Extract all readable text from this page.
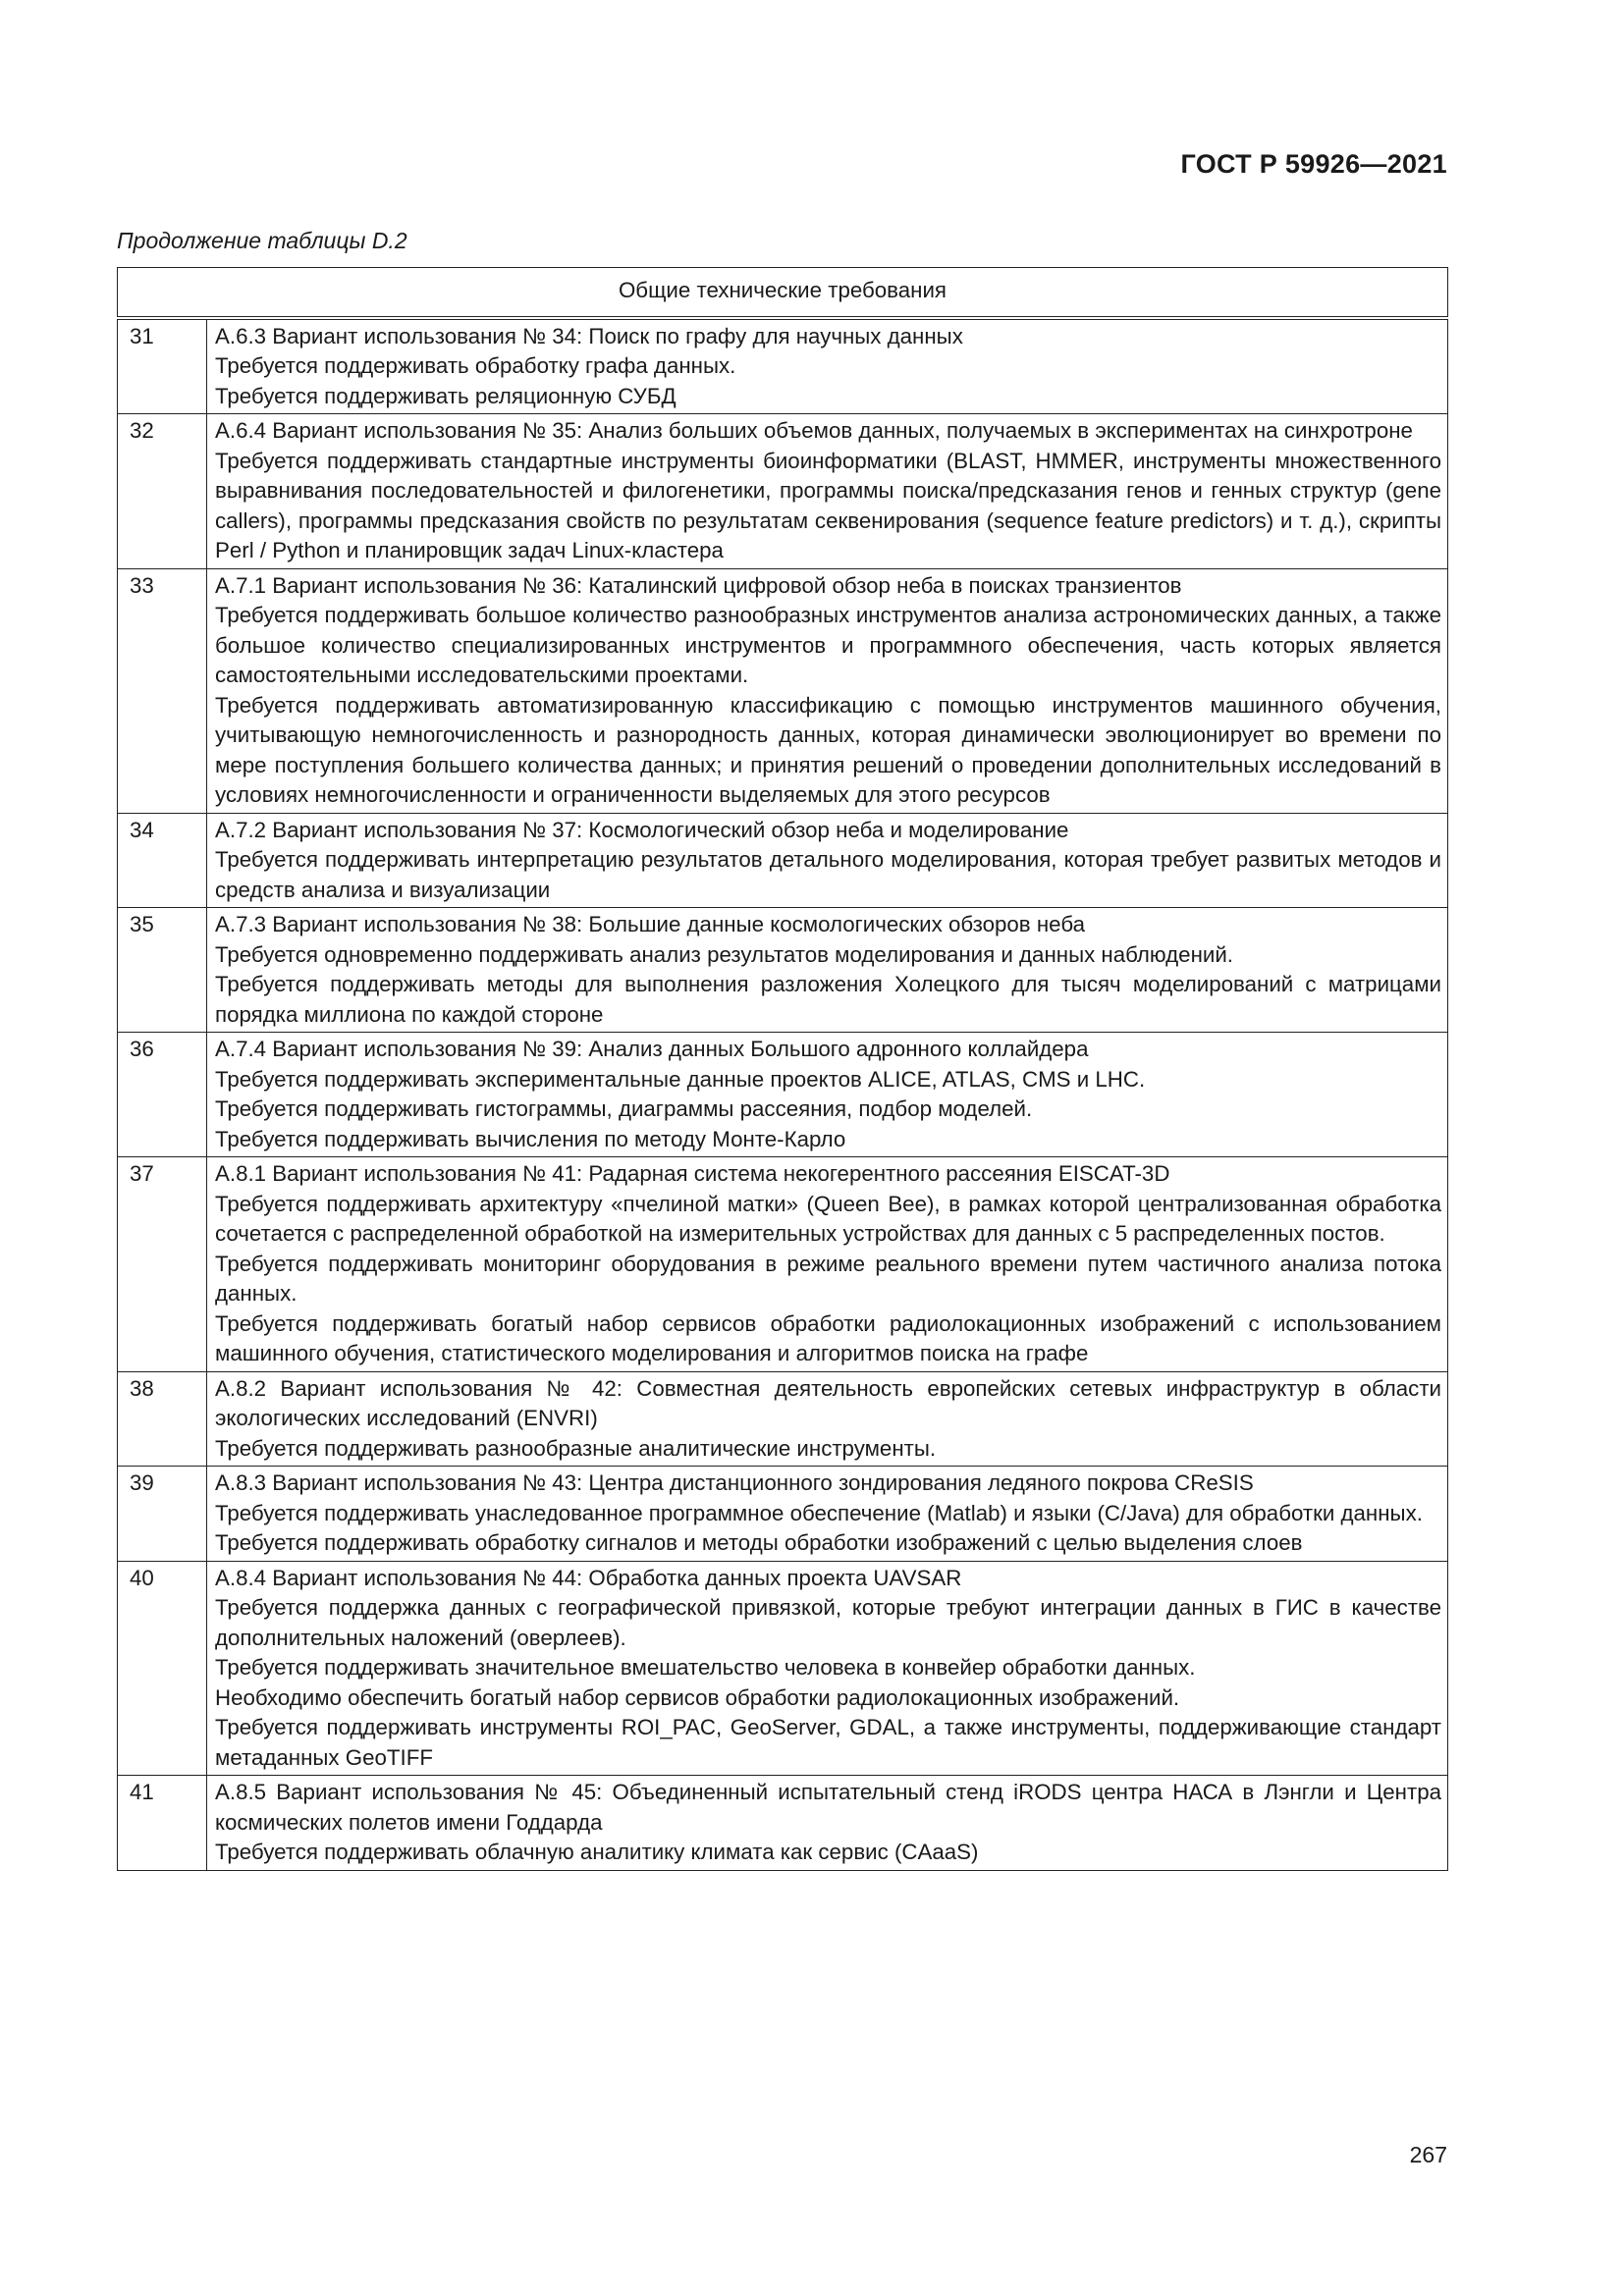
ГОСТ Р 59926—2021
Продолжение таблицы D.2
Общие технические требования	
31	А.6.3 Вариант использования № 34: Поиск по графу для научных данных
Требуется поддерживать обработку графа данных.
Требуется поддерживать реляционную СУБД

32	А.6.4 Вариант использования № 35: Анализ больших объемов данных, получаемых в экспериментах на синхротроне
Требуется поддерживать стандартные инструменты биоинформатики (BLAST, HMMER, инструменты множественного выравнивания последовательностей и филогенетики, программы поиска/предсказания генов и генных структур (gene callers), программы предсказания свойств по результатам секвенирования (sequence feature predictors) и т. д.), скрипты Perl / Python и планировщик задач Linux-кластера

33	А.7.1 Вариант использования № 36: Каталинский цифровой обзор неба в поисках транзиентов
Требуется поддерживать большое количество разнообразных инструментов анализа астрономических данных, а также большое количество специализированных инструментов и программного обеспечения, часть которых является самостоятельными исследовательскими проектами.
Требуется поддерживать автоматизированную классификацию с помощью инструментов машинного обучения, учитывающую немногочисленность и разнородность данных, которая динамически эволюционирует во времени по мере поступления большего количества данных; и принятия решений о проведении дополнительных исследований в условиях немногочисленности и ограниченности выделяемых для этого ресурсов

34	А.7.2 Вариант использования № 37: Космологический обзор неба и моделирование
Требуется поддерживать интерпретацию результатов детального моделирования, которая требует развитых методов и средств анализа и визуализации

35	А.7.3 Вариант использования № 38: Большие данные космологических обзоров неба
Требуется одновременно поддерживать анализ результатов моделирования и данных наблюдений.
Требуется поддерживать методы для выполнения разложения Холецкого для тысяч моделирований с матрицами порядка миллиона по каждой стороне

36	А.7.4 Вариант использования № 39: Анализ данных Большого адронного коллайдера
Требуется поддерживать экспериментальные данные проектов ALICE, ATLAS, CMS и LHC.
Требуется поддерживать гистограммы, диаграммы рассеяния, подбор моделей.
Требуется поддерживать вычисления по методу Монте-Карло

37	А.8.1 Вариант использования № 41: Радарная система некогерентного рассеяния EISCAT-3D
Требуется поддерживать архитектуру «пчелиной матки» (Queen Bee), в рамках которой централизованная обработка сочетается с распределенной обработкой на измерительных устройствах для данных с 5 распределенных постов.
Требуется поддерживать мониторинг оборудования в режиме реального времени путем частичного анализа потока данных.
Требуется поддерживать богатый набор сервисов обработки радиолокационных изображений с использованием машинного обучения, статистического моделирования и алгоритмов поиска на графе

38	А.8.2 Вариант использования № 42: Совместная деятельность европейских сетевых инфраструктур в области экологических исследований (ENVRI)
Требуется поддерживать разнообразные аналитические инструменты.

39	А.8.3 Вариант использования № 43: Центра дистанционного зондирования ледяного покрова CReSIS
Требуется поддерживать унаследованное программное обеспечение (Matlab) и языки (C/Java) для обработки данных.
Требуется поддерживать обработку сигналов и методы обработки изображений с целью выделения слоев

40	А.8.4 Вариант использования № 44: Обработка данных проекта UAVSAR
Требуется поддержка данных с географической привязкой, которые требуют интеграции данных в ГИС в качестве дополнительных наложений (оверлеев).
Требуется поддерживать значительное вмешательство человека в конвейер обработки данных.
Необходимо обеспечить богатый набор сервисов обработки радиолокационных изображений.
Требуется поддерживать инструменты ROI_PAC, GeoServer, GDAL, а также инструменты, поддерживающие стандарт метаданных GeoTIFF

41	А.8.5 Вариант использования № 45: Объединенный испытательный стенд iRODS центра НАСА в Лэнгли и Центра космических полетов имени Годдарда
Требуется поддерживать облачную аналитику климата как сервис (CAaaS)
267
